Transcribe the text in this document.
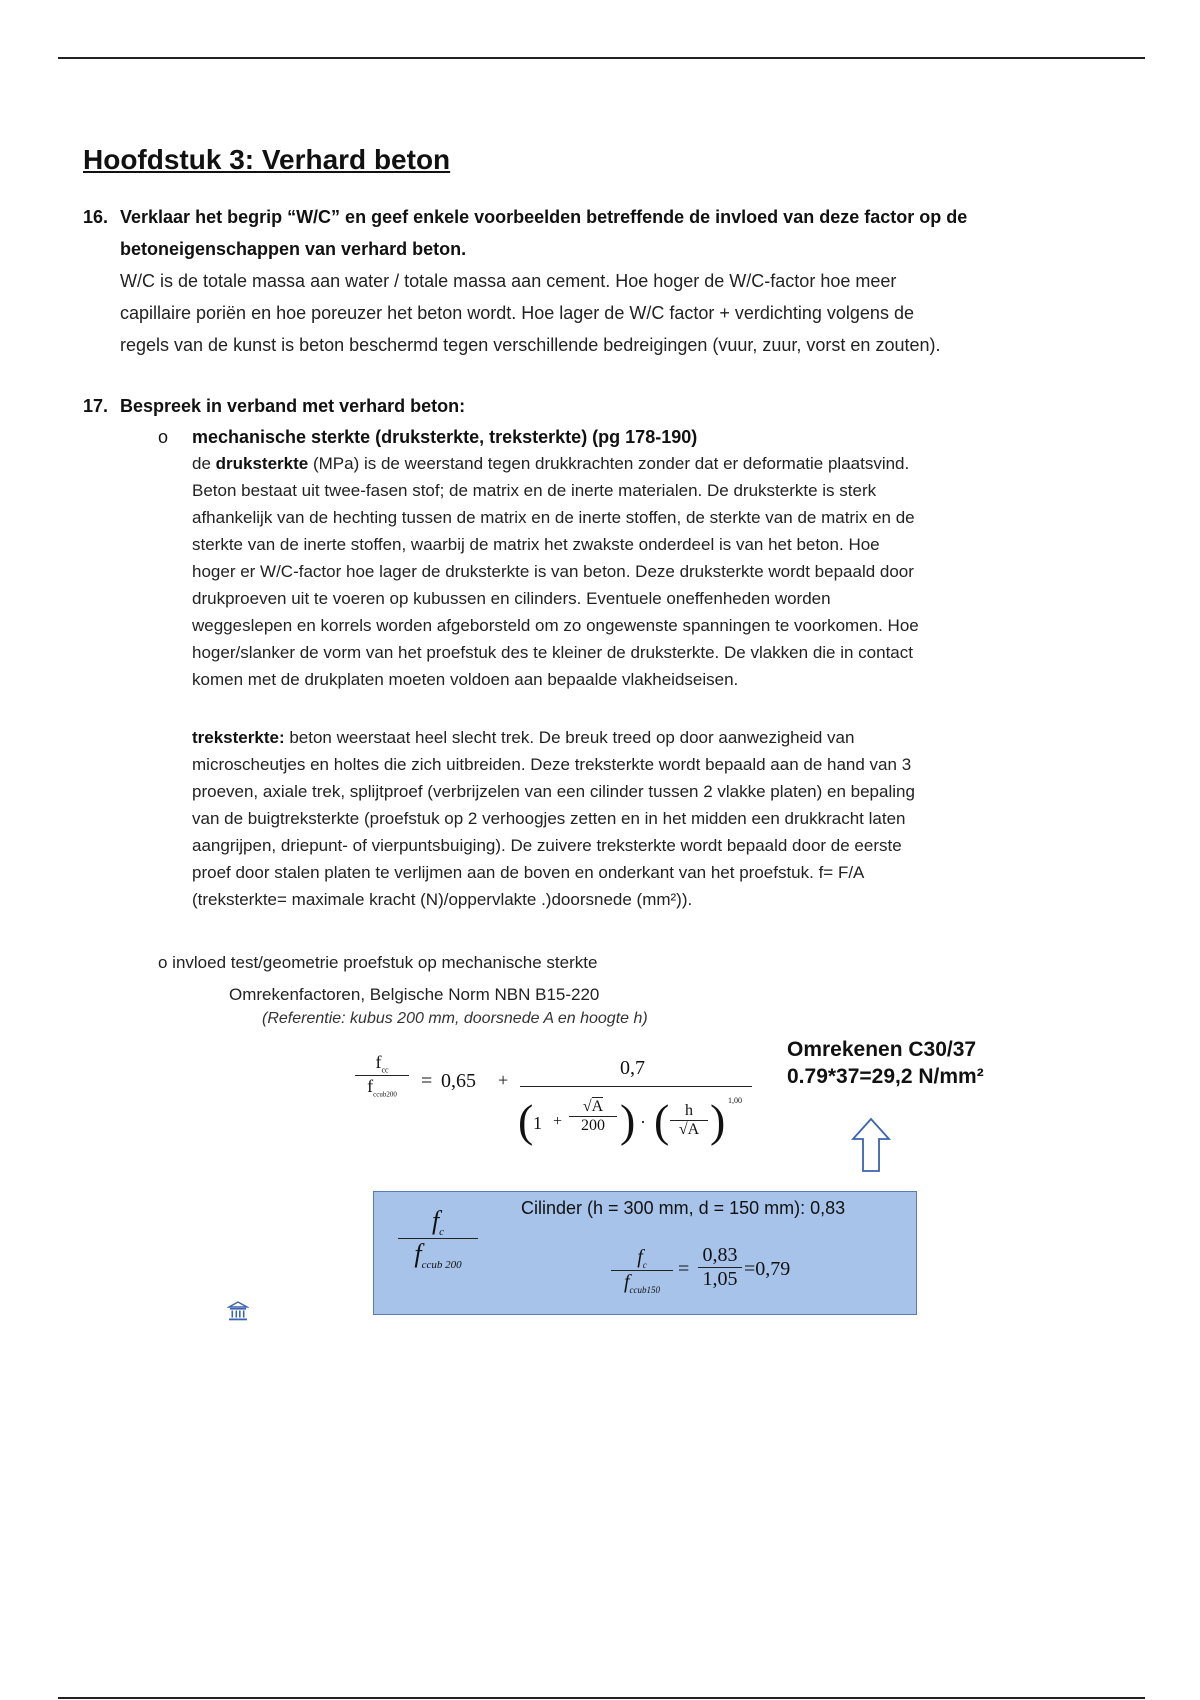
Hoofdstuk 3: Verhard beton
16. Verklaar het begrip “W/C” en geef enkele voorbeelden betreffende de invloed van deze factor op de
betoneigenschappen van verhard beton.
W/C is de totale massa aan water / totale massa aan cement. Hoe hoger de W/C-factor hoe meer
capillaire poriën en hoe poreuzer het beton wordt. Hoe lager de W/C factor + verdichting volgens de
regels van de kunst is beton beschermd tegen verschillende bedreigingen (vuur, zuur, vorst en zouten).
17. Bespreek in verband met verhard beton:
o mechanische sterkte (druksterkte, treksterkte) (pg 178-190)
de druksterkte (MPa) is de weerstand tegen drukkrachten zonder dat er deformatie plaatsvind.
Beton bestaat uit twee-fasen stof; de matrix en de inerte materialen. De druksterkte is sterk
afhankelijk van de hechting tussen de matrix en de inerte stoffen, de sterkte van de matrix en de
sterkte van de inerte stoffen, waarbij de matrix het zwakste onderdeel is van het beton. Hoe
hoger er W/C-factor hoe lager de druksterkte is van beton. Deze druksterkte wordt bepaald door
drukproeven uit te voeren op kubussen en cilinders. Eventuele oneffenheden worden
weggeslepen en korrels worden afgeborsteld om zo ongewenste spanningen te voorkomen. Hoe
hoger/slanker de vorm van het proefstuk des te kleiner de druksterkte. De vlakken die in contact
komen met de drukplaten moeten voldoen aan bepaalde vlakheidseisen.
treksterkte: beton weerstaat heel slecht trek. De breuk treed op door aanwezigheid van
microscheutjes en holtes die zich uitbreiden. Deze treksterkte wordt bepaald aan de hand van 3
proeven, axiale trek, splijtproef (verbrijzelen van een cilinder tussen 2 vlakke platen) en bepaling
van de buigtreksterkte (proefstuk op 2 verhoogjes zetten en in het midden een drukkracht laten
aangrijpen, driepunt- of vierpuntsbuiging). De zuivere treksterkte wordt bepaald door de eerste
proef door stalen platen te verlijmen aan de boven en onderkant van het proefstuk. f= F/A
(treksterkte= maximale kracht (N)/oppervlakte .)doorsnede (mm²)).
o invloed test/geometrie proefstuk op mechanische sterkte
Omrekenfactoren, Belgische Norm NBN B15-220
(Referentie: kubus 200 mm, doorsnede A en hoogte h)
$f_{cc}$
$f_{ccub200}$
= 0,65 +
0,7
( 1 +
√A
200 ) · ( h
√A ) 1,00
Omrekenen C30/37
0.79*37=29,2 N/mm²
$f_c$
$f_{ccub 200}$
Cilinder (h = 300 mm, d = 150 mm): 0,83
$f_c$
$f_{ccub150}$
=
0,83
1,05 =0,79
